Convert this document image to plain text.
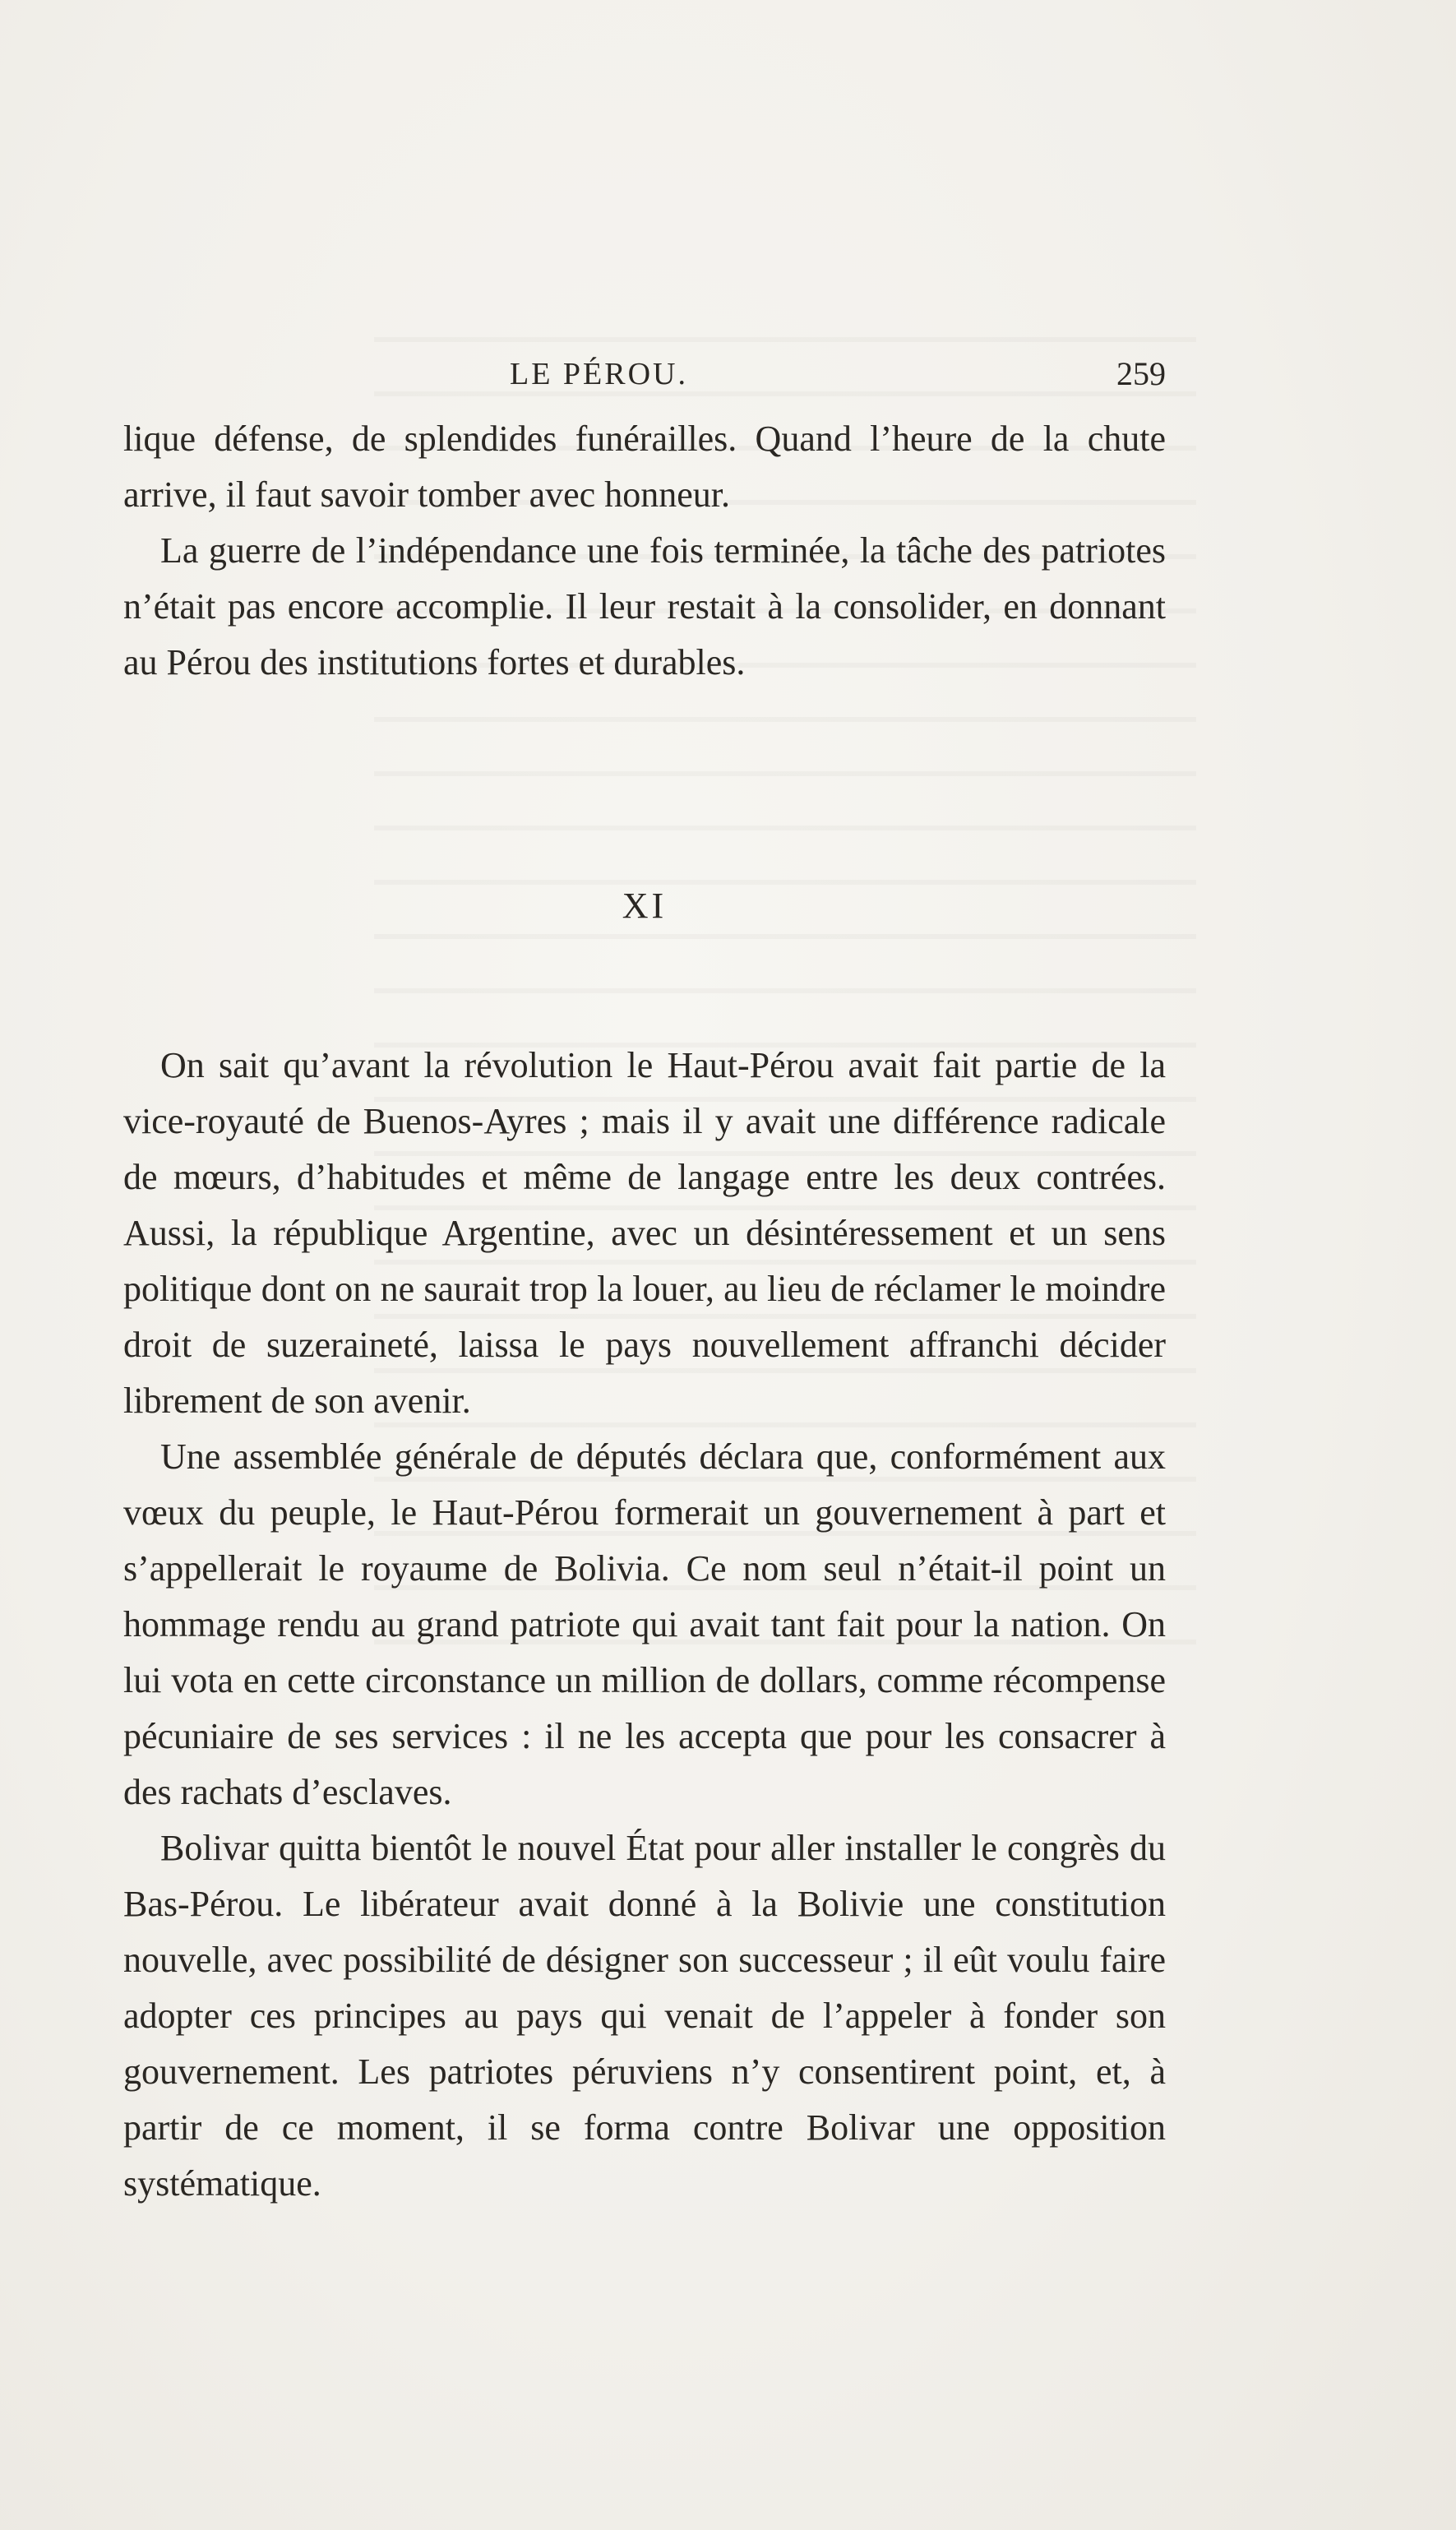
LE PÉROU.	259

lique défense, de splendides funérailles. Quand l’heure de la chute arrive, il faut savoir tomber avec honneur.

La guerre de l’indépendance une fois terminée, la tâche des patriotes n’était pas encore accomplie. Il leur restait à la consolider, en donnant au Pérou des institutions fortes et durables.

XI

On sait qu’avant la révolution le Haut-Pérou avait fait partie de la vice-royauté de Buenos-Ayres ; mais il y avait une différence radicale de mœurs, d’habitudes et même de langage entre les deux contrées. Aussi, la république Argentine, avec un désintéressement et un sens politique dont on ne saurait trop la louer, au lieu de réclamer le moindre droit de suzeraineté, laissa le pays nouvellement affranchi décider librement de son avenir.

Une assemblée générale de députés déclara que, conformément aux vœux du peuple, le Haut-Pérou formerait un gouvernement à part et s’appellerait le royaume de Bolivia. Ce nom seul n’était-il point un hommage rendu au grand patriote qui avait tant fait pour la nation. On lui vota en cette circonstance un million de dollars, comme récompense pécuniaire de ses services : il ne les accepta que pour les consacrer à des rachats d’esclaves.

Bolivar quitta bientôt le nouvel État pour aller installer le congrès du Bas-Pérou. Le libérateur avait donné à la Bolivie une constitution nouvelle, avec possibilité de désigner son successeur ; il eût voulu faire adopter ces principes au pays qui venait de l’appeler à fonder son gouvernement. Les patriotes péruviens n’y consentirent point, et, à partir de ce moment, il se forma contre Bolivar une opposition systématique.
